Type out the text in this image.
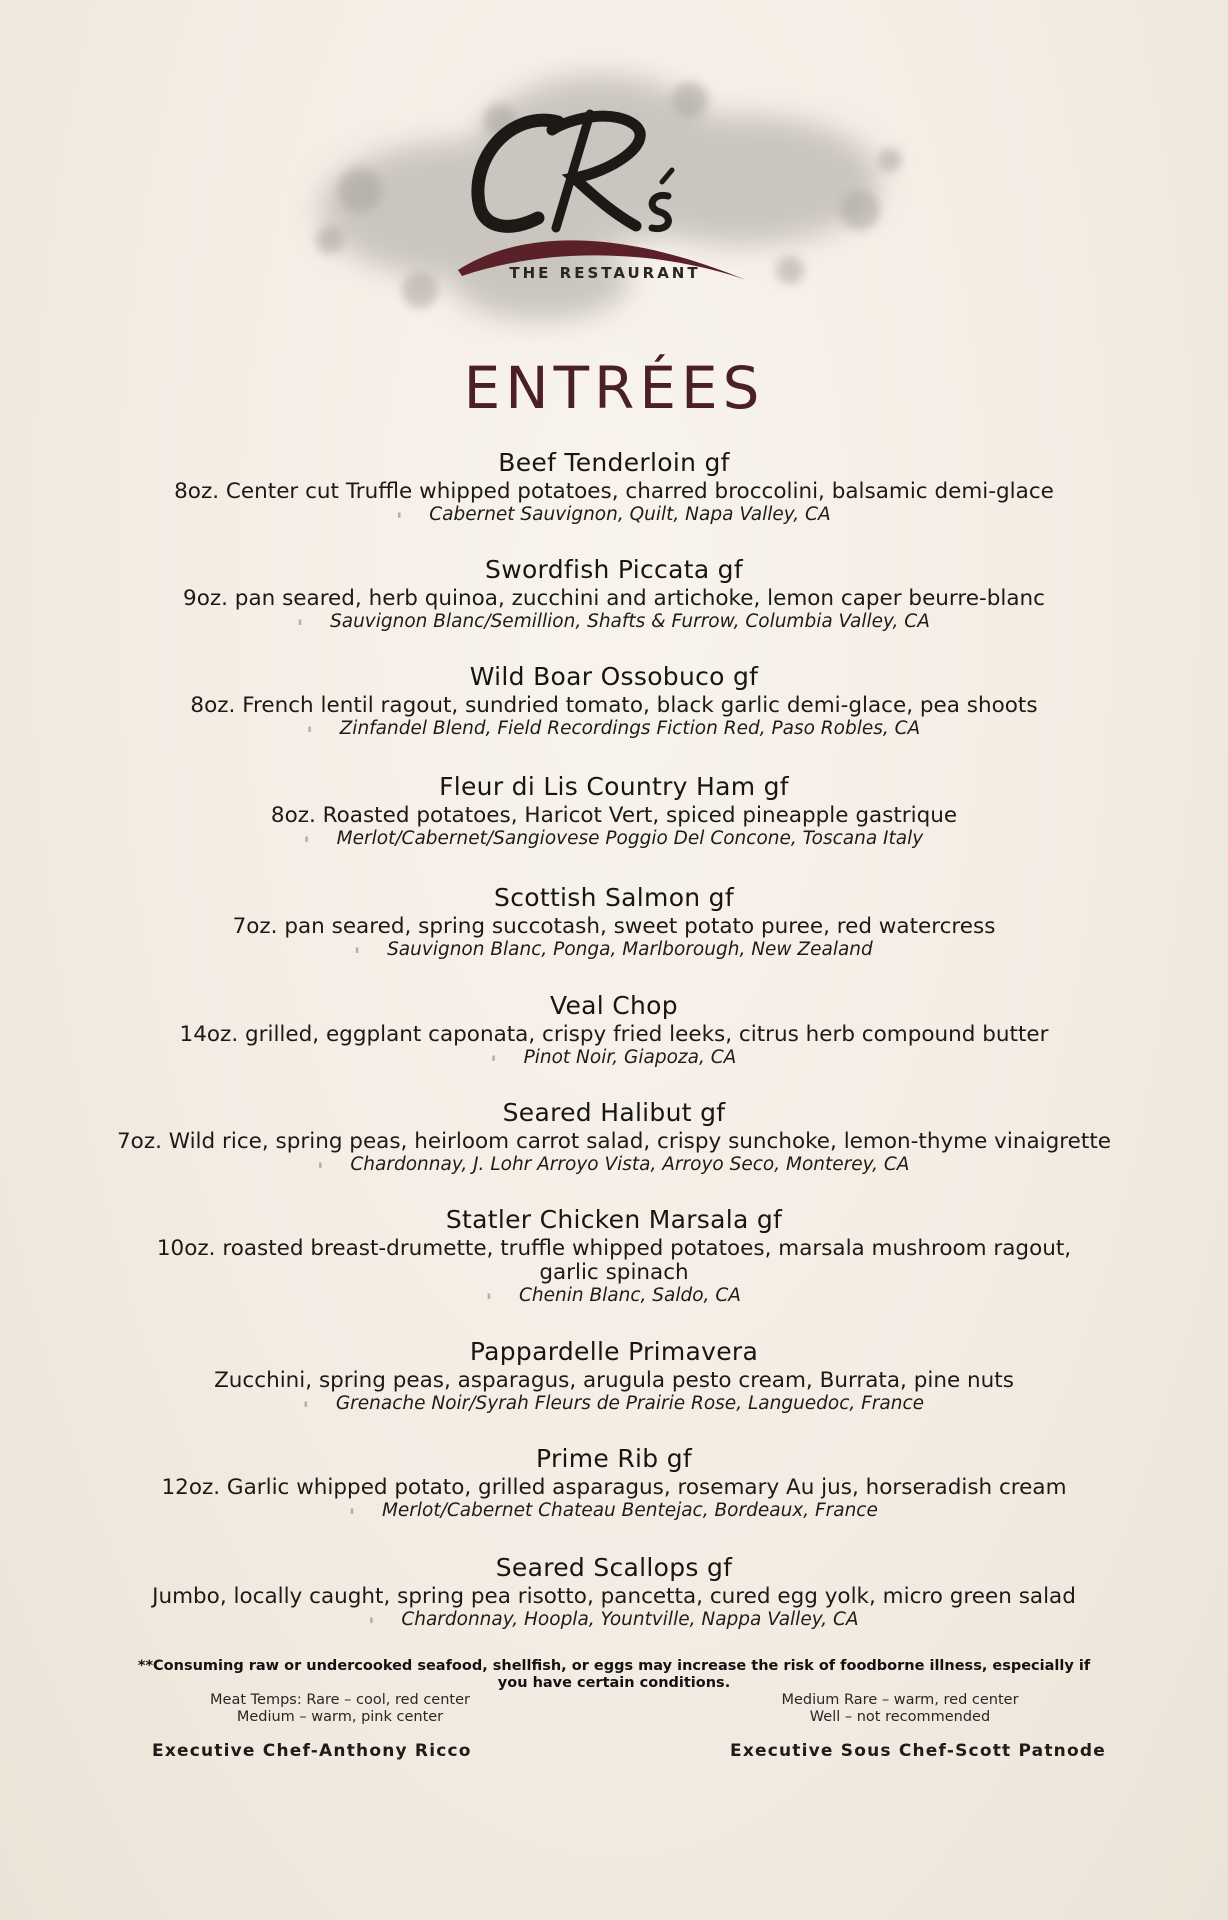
THE RESTAURANT
ENTRÉES
Beef Tenderloin gf
8oz. Center cut Truffle whipped potatoes, charred broccolini, balsamic demi-glace
▮ Cabernet Sauvignon, Quilt, Napa Valley, CA
Swordfish Piccata gf
9oz. pan seared, herb quinoa, zucchini and artichoke, lemon caper beurre-blanc
▮ Sauvignon Blanc/Semillion, Shafts & Furrow, Columbia Valley, CA
Wild Boar Ossobuco gf
8oz. French lentil ragout, sundried tomato, black garlic demi-glace, pea shoots
▮ Zinfandel Blend, Field Recordings Fiction Red, Paso Robles, CA
Fleur di Lis Country Ham gf
8oz. Roasted potatoes, Haricot Vert, spiced pineapple gastrique
▮ Merlot/Cabernet/Sangiovese Poggio Del Concone, Toscana Italy
Scottish Salmon gf
7oz. pan seared, spring succotash, sweet potato puree, red watercress
▮ Sauvignon Blanc, Ponga, Marlborough, New Zealand
Veal Chop
14oz. grilled, eggplant caponata, crispy fried leeks, citrus herb compound butter
▮ Pinot Noir, Giapoza, CA
Seared Halibut gf
7oz. Wild rice, spring peas, heirloom carrot salad, crispy sunchoke, lemon-thyme vinaigrette
▮ Chardonnay, J. Lohr Arroyo Vista, Arroyo Seco, Monterey, CA
Statler Chicken Marsala gf
10oz. roasted breast-drumette, truffle whipped potatoes, marsala mushroom ragout,
garlic spinach
▮ Chenin Blanc, Saldo, CA
Pappardelle Primavera
Zucchini, spring peas, asparagus, arugula pesto cream, Burrata, pine nuts
▮ Grenache Noir/Syrah Fleurs de Prairie Rose, Languedoc, France
Prime Rib gf
12oz. Garlic whipped potato, grilled asparagus, rosemary Au jus, horseradish cream
▮ Merlot/Cabernet Chateau Bentejac, Bordeaux, France
Seared Scallops gf
Jumbo, locally caught, spring pea risotto, pancetta, cured egg yolk, micro green salad
▮ Chardonnay, Hoopla, Yountville, Nappa Valley, CA
**Consuming raw or undercooked seafood, shellfish, or eggs may increase the risk of foodborne illness, especially if you have certain conditions.
Meat Temps: Rare – cool, red center
Medium – warm, pink center
Medium Rare – warm, red center
Well – not recommended
Executive Chef-Anthony Ricco	Executive Sous Chef-Scott Patnode
